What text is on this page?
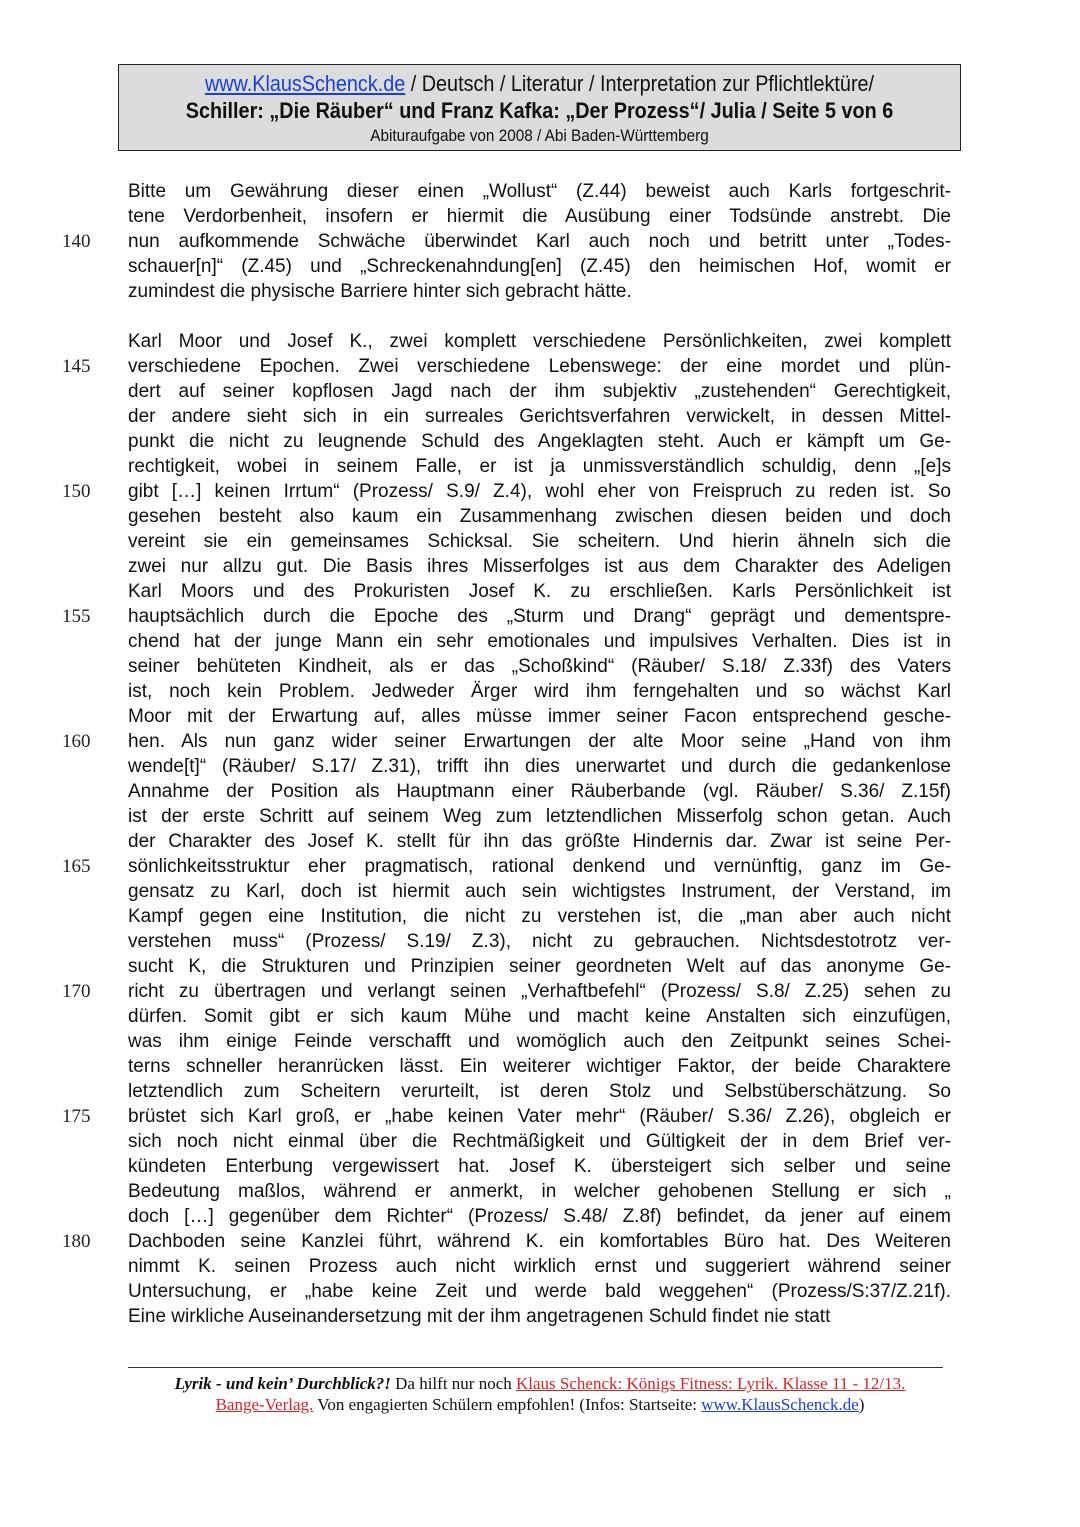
www.KlausSchenck.de / Deutsch / Literatur / Interpretation zur Pflichtlektüre/
Schiller: „Die Räuber“ und Franz Kafka: „Der Prozess“/ Julia / Seite 5 von 6
Abituraufgabe von 2008 / Abi Baden-Württemberg
140
145
150
155
160
165
170
175
180
Bitte um Gewährung dieser einen „Wollust“ (Z.44) beweist auch Karls fortgeschrit-
tene Verdorbenheit, insofern er hiermit die Ausübung einer Todsünde anstrebt. Die
nun aufkommende Schwäche überwindet Karl auch noch und betritt unter „Todes-
schauer[n]“ (Z.45) und „Schreckenahndung[en] (Z.45) den heimischen Hof, womit er
zumindest die physische Barriere hinter sich gebracht hätte.
Karl Moor und Josef K., zwei komplett verschiedene Persönlichkeiten, zwei komplett
verschiedene Epochen. Zwei verschiedene Lebenswege: der eine mordet und plün-
dert auf seiner kopflosen Jagd nach der ihm subjektiv „zustehenden“ Gerechtigkeit,
der andere sieht sich in ein surreales Gerichtsverfahren verwickelt, in dessen Mittel-
punkt die nicht zu leugnende Schuld des Angeklagten steht. Auch er kämpft um Ge-
rechtigkeit, wobei in seinem Falle, er ist ja unmissverständlich schuldig, denn „[e]s
gibt […] keinen Irrtum“ (Prozess/ S.9/ Z.4), wohl eher von Freispruch zu reden ist. So
gesehen besteht also kaum ein Zusammenhang zwischen diesen beiden und doch
vereint sie ein gemeinsames Schicksal. Sie scheitern. Und hierin ähneln sich die
zwei nur allzu gut. Die Basis ihres Misserfolges ist aus dem Charakter des Adeligen
Karl Moors und des Prokuristen Josef K. zu erschließen. Karls Persönlichkeit ist
hauptsächlich durch die Epoche des „Sturm und Drang“ geprägt und dementspre-
chend hat der junge Mann ein sehr emotionales und impulsives Verhalten. Dies ist in
seiner behüteten Kindheit, als er das „Schoßkind“ (Räuber/ S.18/ Z.33f) des Vaters
ist, noch kein Problem. Jedweder Ärger wird ihm ferngehalten und so wächst Karl
Moor mit der Erwartung auf, alles müsse immer seiner Facon entsprechend gesche-
hen. Als nun ganz wider seiner Erwartungen der alte Moor seine „Hand von ihm
wende[t]“ (Räuber/ S.17/ Z.31), trifft ihn dies unerwartet und durch die gedankenlose
Annahme der Position als Hauptmann einer Räuberbande (vgl. Räuber/ S.36/ Z.15f)
ist der erste Schritt auf seinem Weg zum letztendlichen Misserfolg schon getan. Auch
der Charakter des Josef K. stellt für ihn das größte Hindernis dar. Zwar ist seine Per-
sönlichkeitsstruktur eher pragmatisch, rational denkend und vernünftig, ganz im Ge-
gensatz zu Karl, doch ist hiermit auch sein wichtigstes Instrument, der Verstand, im
Kampf gegen eine Institution, die nicht zu verstehen ist, die „man aber auch nicht
verstehen muss“ (Prozess/ S.19/ Z.3), nicht zu gebrauchen. Nichtsdestotrotz ver-
sucht K, die Strukturen und Prinzipien seiner geordneten Welt auf das anonyme Ge-
richt zu übertragen und verlangt seinen „Verhaftbefehl“ (Prozess/ S.8/ Z.25) sehen zu
dürfen. Somit gibt er sich kaum Mühe und macht keine Anstalten sich einzufügen,
was ihm einige Feinde verschafft und womöglich auch den Zeitpunkt seines Schei-
terns schneller heranrücken lässt. Ein weiterer wichtiger Faktor, der beide Charaktere
letztendlich zum Scheitern verurteilt, ist deren Stolz und Selbstüberschätzung. So
brüstet sich Karl groß, er „habe keinen Vater mehr“ (Räuber/ S.36/ Z.26), obgleich er
sich noch nicht einmal über die Rechtmäßigkeit und Gültigkeit der in dem Brief ver-
kündeten Enterbung vergewissert hat. Josef K. übersteigert sich selber und seine
Bedeutung maßlos, während er anmerkt, in welcher gehobenen Stellung er sich „
doch […] gegenüber dem Richter“ (Prozess/ S.48/ Z.8f) befindet, da jener auf einem
Dachboden seine Kanzlei führt, während K. ein komfortables Büro hat. Des Weiteren
nimmt K. seinen Prozess auch nicht wirklich ernst und suggeriert während seiner
Untersuchung, er „habe keine Zeit und werde bald weggehen“ (Prozess/S:37/Z.21f).
Eine wirkliche Auseinandersetzung mit der ihm angetragenen Schuld findet nie statt
Lyrik - und kein’ Durchblick?! Da hilft nur noch Klaus Schenck: Königs Fitness: Lyrik. Klasse 11 - 12/13.
Bange-Verlag. Von engagierten Schülern empfohlen! (Infos: Startseite: www.KlausSchenck.de)
